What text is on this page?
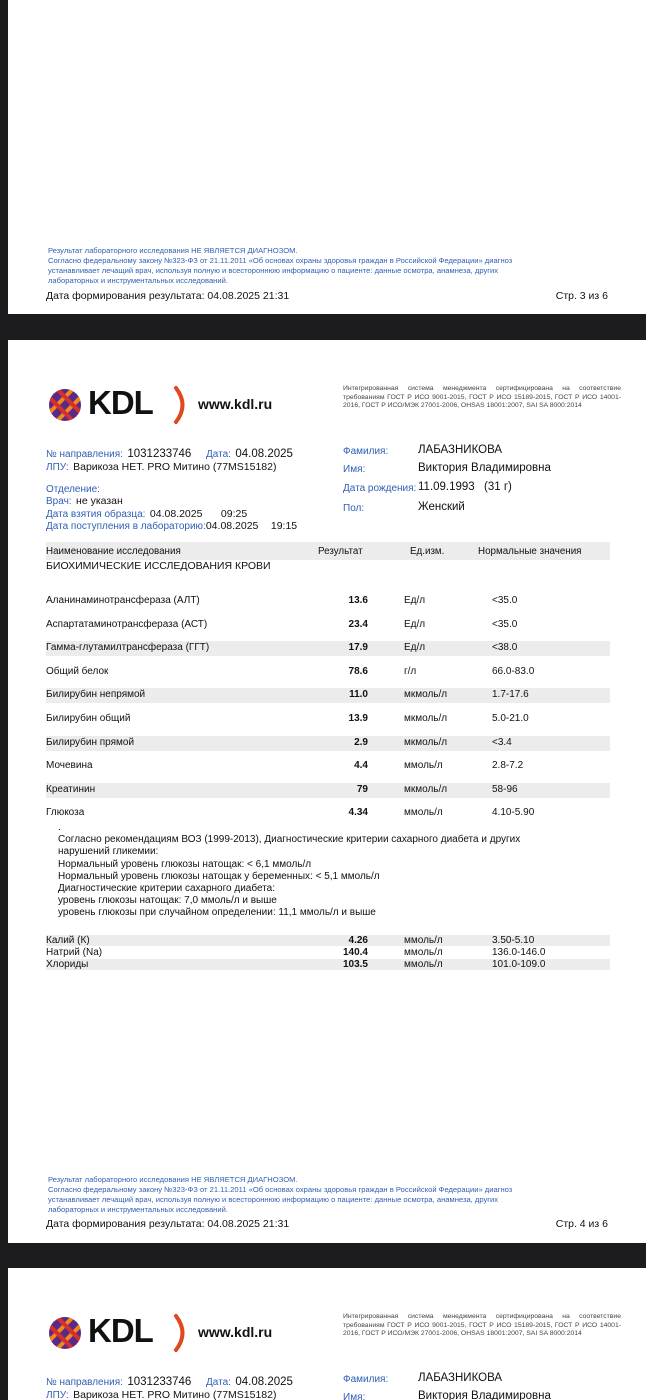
Результат лабораторного исследования НЕ ЯВЛЯЕТСЯ ДИАГНОЗОМ.
Согласно федеральному закону №323-ФЗ от 21.11.2011 «Об основах охраны здоровья граждан в Российской Федерации» диагноз
устанавливает лечащий врач, используя полную и всестороннюю информацию о пациенте: данные осмотра, анамнеза, других
лабораторных и инструментальных исследований.
Дата формирования результата: 04.08.2025 21:31	Стр. 3 из 6
KDL	www.kdl.ru
Интегрированная система менеджмента сертифицирована на соответствие требованиям ГОСТ Р ИСО 9001-2015, ГОСТ Р ИСО 15189-2015, ГОСТ Р ИСО 14001-2016, ГОСТ Р ИСО/МЭК 27001-2006, OHSAS 18001:2007, SAI SA 8000:2014
№ направления: 1031233746 Дата: 04.08.2025
ЛПУ: Варикоза НЕТ. PRO Митино (77MS15182)
Отделение:
Врач: не указан
Дата взятия образца: 04.08.2025 09:25
Дата поступления в лабораторию:04.08.2025 19:15
Фамилия:	ЛАБАЗНИКОВА
Имя:	Виктория Владимировна
Дата рождения: 11.09.1993 (31 г)
Пол:	Женский
Наименование исследования	Результат	Ед.изм.	Нормальные значения
БИОХИМИЧЕСКИЕ ИССЛЕДОВАНИЯ КРОВИ
Аланинаминотрансфераза (АЛТ)	13.6	Ед/л	<35.0
Аспартатаминотрансфераза (АСТ)	23.4	Ед/л	<35.0
Гамма-глутамилтрансфераза (ГГТ)	17.9	Ед/л	<38.0
Общий белок	78.6	г/л	66.0-83.0
Билирубин непрямой	11.0	мкмоль/л	1.7-17.6
Билирубин общий	13.9	мкмоль/л	5.0-21.0
Билирубин прямой	2.9	мкмоль/л	<3.4
Мочевина	4.4	ммоль/л	2.8-7.2
Креатинин	79	мкмоль/л	58-96
Глюкоза	4.34	ммоль/л	4.10-5.90
.
Согласно рекомендациям ВОЗ (1999-2013), Диагностические критерии сахарного диабета и других
нарушений гликемии:
Нормальный уровень глюкозы натощак: < 6,1 ммоль/л
Нормальный уровень глюкозы натощак у беременных: < 5,1 ммоль/л
Диагностические критерии сахарного диабета:
уровень глюкозы натощак: 7,0 ммоль/л и выше
уровень глюкозы при случайном определении: 11,1 ммоль/л и выше
Калий (К)	4.26	ммоль/л	3.50-5.10
Натрий (Na)	140.4	ммоль/л	136.0-146.0
Хлориды	103.5	ммоль/л	101.0-109.0
Результат лабораторного исследования НЕ ЯВЛЯЕТСЯ ДИАГНОЗОМ.
Согласно федеральному закону №323-ФЗ от 21.11.2011 «Об основах охраны здоровья граждан в Российской Федерации» диагноз
устанавливает лечащий врач, используя полную и всестороннюю информацию о пациенте: данные осмотра, анамнеза, других
лабораторных и инструментальных исследований.
Дата формирования результата: 04.08.2025 21:31	Стр. 4 из 6
KDL	www.kdl.ru
Интегрированная система менеджмента сертифицирована на соответствие требованиям ГОСТ Р ИСО 9001-2015, ГОСТ Р ИСО 15189-2015, ГОСТ Р ИСО 14001-2016, ГОСТ Р ИСО/МЭК 27001-2006, OHSAS 18001:2007, SAI SA 8000:2014
№ направления: 1031233746 Дата: 04.08.2025
ЛПУ: Варикоза НЕТ. PRO Митино (77MS15182)
Фамилия:	ЛАБАЗНИКОВА
Имя:	Виктория Владимировна
